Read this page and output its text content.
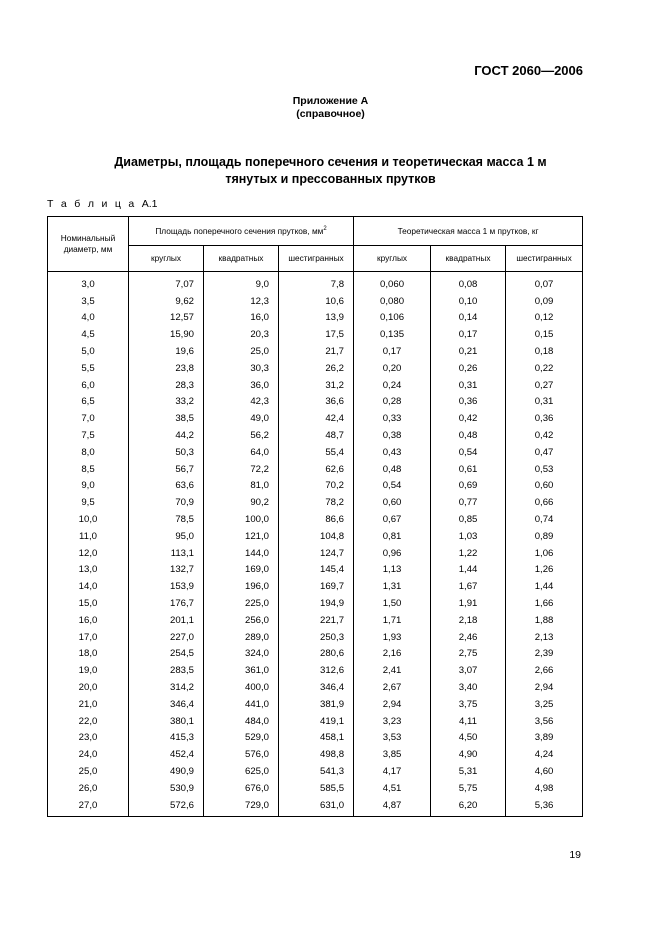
ГОСТ 2060—2006
Приложение А
(справочное)
Диаметры, площадь поперечного сечения и теоретическая масса 1 м
тянутых и прессованных прутков
Т а б л и ц а А.1
Номинальный диаметр, мм	Площадь поперечного сечения прутков, $мм^2$			Теоретическая масса 1 м прутков, кг		
	круглых	квадратных	шестигранных	круглых	квадратных	шестигранных
3,0	7,07	9,0	7,8	0,060	0,08	0,07
3,5	9,62	12,3	10,6	0,080	0,10	0,09
4,0	12,57	16,0	13,9	0,106	0,14	0,12
4,5	15,90	20,3	17,5	0,135	0,17	0,15
5,0	19,6	25,0	21,7	0,17	0,21	0,18
5,5	23,8	30,3	26,2	0,20	0,26	0,22
6,0	28,3	36,0	31,2	0,24	0,31	0,27
6,5	33,2	42,3	36,6	0,28	0,36	0,31
7,0	38,5	49,0	42,4	0,33	0,42	0,36
7,5	44,2	56,2	48,7	0,38	0,48	0,42
8,0	50,3	64,0	55,4	0,43	0,54	0,47
8,5	56,7	72,2	62,6	0,48	0,61	0,53
9,0	63,6	81,0	70,2	0,54	0,69	0,60
9,5	70,9	90,2	78,2	0,60	0,77	0,66
10,0	78,5	100,0	86,6	0,67	0,85	0,74
11,0	95,0	121,0	104,8	0,81	1,03	0,89
12,0	113,1	144,0	124,7	0,96	1,22	1,06
13,0	132,7	169,0	145,4	1,13	1,44	1,26
14,0	153,9	196,0	169,7	1,31	1,67	1,44
15,0	176,7	225,0	194,9	1,50	1,91	1,66
16,0	201,1	256,0	221,7	1,71	2,18	1,88
17,0	227,0	289,0	250,3	1,93	2,46	2,13
18,0	254,5	324,0	280,6	2,16	2,75	2,39
19,0	283,5	361,0	312,6	2,41	3,07	2,66
20,0	314,2	400,0	346,4	2,67	3,40	2,94
21,0	346,4	441,0	381,9	2,94	3,75	3,25
22,0	380,1	484,0	419,1	3,23	4,11	3,56
23,0	415,3	529,0	458,1	3,53	4,50	3,89
24,0	452,4	576,0	498,8	3,85	4,90	4,24
25,0	490,9	625,0	541,3	4,17	5,31	4,60
26,0	530,9	676,0	585,5	4,51	5,75	4,98
27,0	572,6	729,0	631,0	4,87	6,20	5,36
19
